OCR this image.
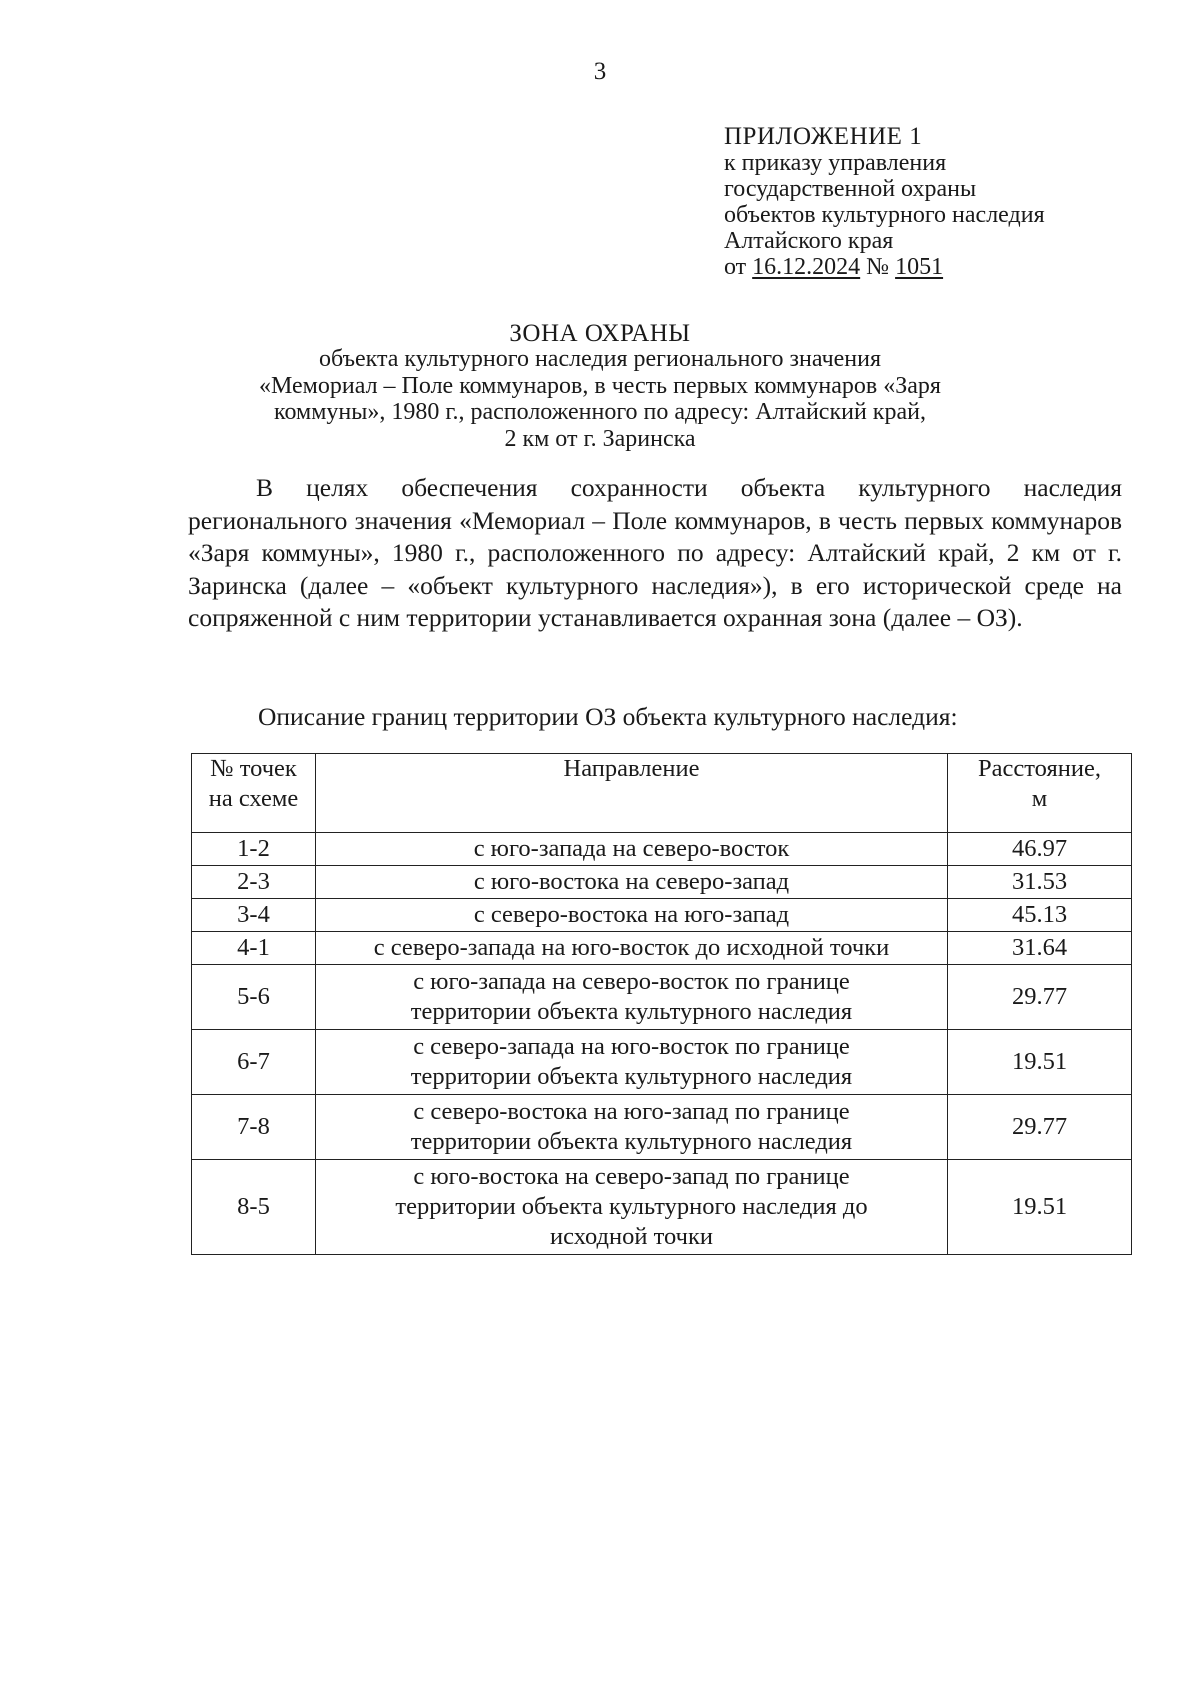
3
ПРИЛОЖЕНИЕ 1
к приказу управления
государственной охраны
объектов культурного наследия
Алтайского края
от 16.12.2024 № 1051
ЗОНА ОХРАНЫ
объекта культурного наследия регионального значения
«Мемориал – Поле коммунаров, в честь первых коммунаров «Заря
коммуны», 1980 г., расположенного по адресу: Алтайский край,
2 км от г. Заринска
В целях обеспечения сохранности объекта культурного наследия регионального значения «Мемориал – Поле коммунаров, в честь первых коммунаров «Заря коммуны», 1980 г., расположенного по адресу: Алтайский край, 2 км от г. Заринска (далее – «объект культурного наследия»), в его исторической среде на сопряженной с ним территории устанавливается охранная зона (далее – ОЗ).
Описание границ территории ОЗ объекта культурного наследия:
№ точек
на схеме	Направление	Расстояние,
м

1-2	с юго-запада на северо-восток	46.97
2-3	с юго-востока на северо-запад	31.53
3-4	с северо-востока на юго-запад	45.13
4-1	с северо-запада на юго-восток до исходной точки	31.64
5-6	с юго-запада на северо-восток по границе
территории объекта культурного наследия	29.77
6-7	с северо-запада на юго-восток по границе
территории объекта культурного наследия	19.51
7-8	с северо-востока на юго-запад по границе
территории объекта культурного наследия	29.77
8-5	с юго-востока на северо-запад по границе
территории объекта культурного наследия до
исходной точки	19.51
